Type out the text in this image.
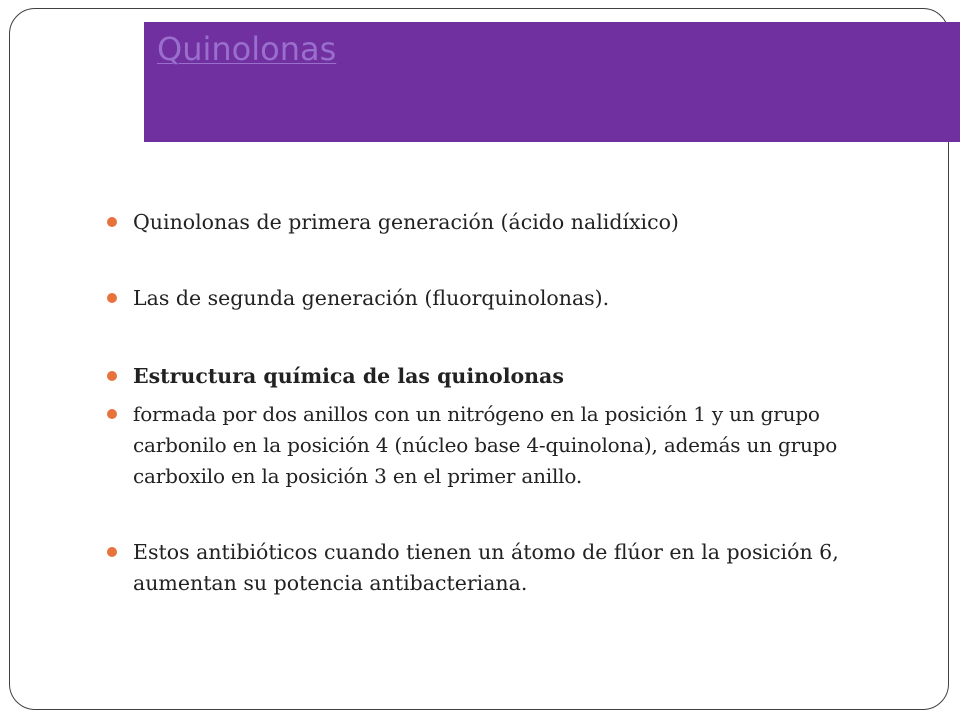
Quinolonas
Quinolonas de primera generación (ácido nalidíxico)
Las de segunda generación (fluorquinolonas).
Estructura química de las quinolonas
formada por dos anillos con un nitrógeno en la posición 1 y un grupo
carbonilo en la posición 4 (núcleo base 4-quinolona), además un grupo
carboxilo en la posición 3 en el primer anillo.
Estos antibióticos cuando tienen un átomo de flúor en la posición 6,
aumentan su potencia antibacteriana.
